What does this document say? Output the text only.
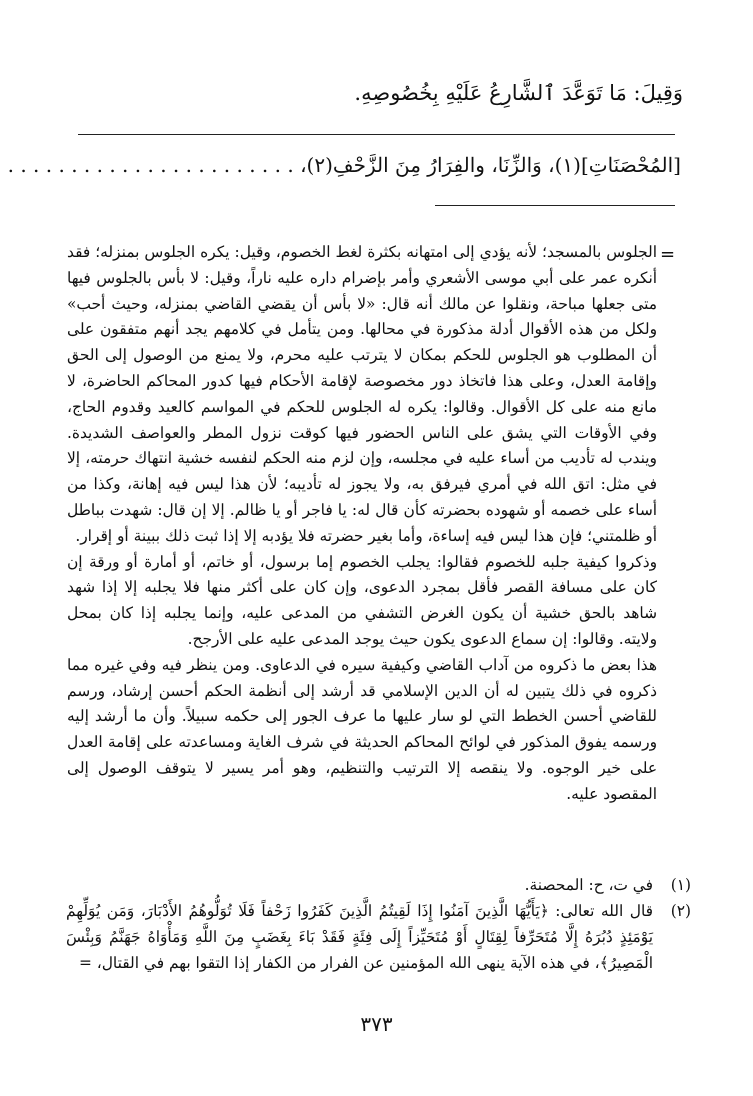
وَقِيلَ: مَا تَوَعَّدَ ٱلشَّارِعُ عَلَيْهِ بِخُصُوصِهِ.

[المُحْصَنَاتِ](١)، وَالزِّنَا، والفِرَارُ مِنَ الزَّحْفِ(٢)، . . . . . . . . . . . . . . . . . . . . . . .

=

الجلوس بالمسجد؛ لأنه يؤدي إلى امتهانه بكثرة لغط الخصوم، وقيل: يكره الجلوس بمنزله؛ فقد أنكره عمر على أبي موسى الأشعري وأمر بإضرام داره عليه ناراً، وقيل: لا بأس بالجلوس فيها متى جعلها مباحة، ونقلوا عن مالك أنه قال: «لا بأس أن يقضي القاضي بمنزله، وحيث أحب» ولكل من هذه الأقوال أدلة مذكورة في محالها. ومن يتأمل في كلامهم يجد أنهم متفقون على أن المطلوب هو الجلوس للحكم بمكان لا يترتب عليه محرم، ولا يمنع من الوصول إلى الحق وإقامة العدل، وعلى هذا فاتخاذ دور مخصوصة لإقامة الأحكام فيها كدور المحاكم الحاضرة، لا مانع منه على كل الأقوال. وقالوا: يكره له الجلوس للحكم في المواسم كالعيد وقدوم الحاج، وفي الأوقات التي يشق على الناس الحضور فيها كوقت نزول المطر والعواصف الشديدة. ويندب له تأديب من أساء عليه في مجلسه، وإن لزم منه الحكم لنفسه خشية انتهاك حرمته، إلا في مثل: اتق الله في أمري فيرفق به، ولا يجوز له تأديبه؛ لأن هذا ليس فيه إهانة، وكذا من أساء على خصمه أو شهوده بحضرته كأن قال له: يا فاجر أو يا ظالم. إلا إن قال: شهدت بباطل أو ظلمتني؛ فإن هذا ليس فيه إساءة، وأما بغير حضرته فلا يؤدبه إلا إذا ثبت ذلك ببينة أو إقرار.

وذكروا كيفية جلبه للخصوم فقالوا: يجلب الخصوم إما برسول، أو خاتم، أو أمارة أو ورقة إن كان على مسافة القصر فأقل بمجرد الدعوى، وإن كان على أكثر منها فلا يجلبه إلا إذا شهد شاهد بالحق خشية أن يكون الغرض التشفي من المدعى عليه، وإنما يجلبه إذا كان بمحل ولايته. وقالوا: إن سماع الدعوى يكون حيث يوجد المدعى عليه على الأرجح.

هذا بعض ما ذكروه من آداب القاضي وكيفية سيره في الدعاوى. ومن ينظر فيه وفي غيره مما ذكروه في ذلك يتبين له أن الدين الإسلامي قد أرشد إلى أنظمة الحكم أحسن إرشاد، ورسم للقاضي أحسن الخطط التي لو سار عليها ما عرف الجور إلى حكمه سبيلاً. وأن ما أرشد إليه ورسمه يفوق المذكور في لوائح المحاكم الحديثة في شرف الغاية ومساعدته على إقامة العدل على خير الوجوه. ولا ينقصه إلا الترتيب والتنظيم، وهو أمر يسير لا يتوقف الوصول إلى المقصود عليه.

(١)
في ت، ح: المحصنة.
(٢)
قال الله تعالى: ﴿يَأَيُّهَا الَّذِينَ آمَنُوا إِذَا لَقِيتُمُ الَّذِينَ كَفَرُوا زَحْفاً فَلَا تُوَلُّوهُمُ الأَدْبَارَ، وَمَن يُوَلِّهِمْ يَوْمَئِذٍ دُبُرَهُ إِلَّا مُتَحَرِّفاً لِقِتَالٍ أَوْ مُتَحَيِّزاً إِلَى فِئَةٍ فَقَدْ بَاءَ بِغَضَبٍ مِنَ اللَّهِ وَمَأْوَاهُ جَهَنَّمُ وَبِئْسَ الْمَصِيرُ﴾، في هذه الآية ينهى الله المؤمنين عن الفرار من الكفار إذا التقوا بهم في القتال، =
٣٧٣
